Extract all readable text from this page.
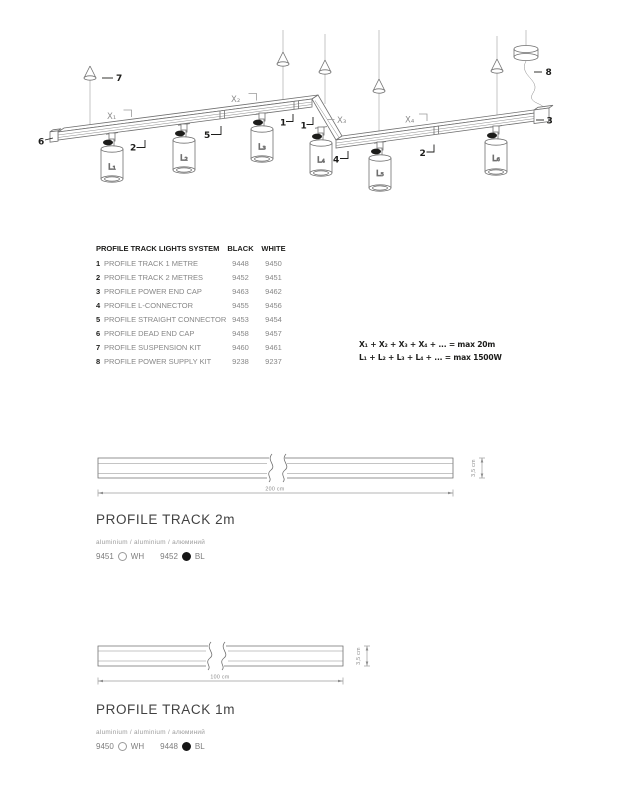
L₁
L₂
L₃
L₄
L₅
L₆
7
8
6
2
5
1 1
4
2
3
X₁
X₂
X₃	X₄
PROFILE TRACK LIGHTS SYSTEM	BLACK	WHITE
1 PROFILE TRACK 1 METRE	9448	9450
2 PROFILE TRACK 2 METRES	9452	9451
3 PROFILE POWER END CAP	9463	9462
4 PROFILE L-CONNECTOR	9455	9456
5 PROFILE STRAIGHT CONNECTOR 9453	9454
6 PROFILE DEAD END CAP	9458	9457
7 PROFILE SUSPENSION KIT	9460	9461
8 PROFILE POWER SUPPLY KIT	9238	9237
X₁ + X₂ + X₃ + X₄ + ... = max 20m
L₁ + L₂ + L₃ + L₄ + ... = max 1500W
3,5 cm
200 cm
PROFILE TRACK 2m
aluminium / aluminium / алюминий
9451 WH 9452 BL
3,5 cm
100 cm
PROFILE TRACK 1m
aluminium / aluminium / алюминий
9450 WH 9448 BL
